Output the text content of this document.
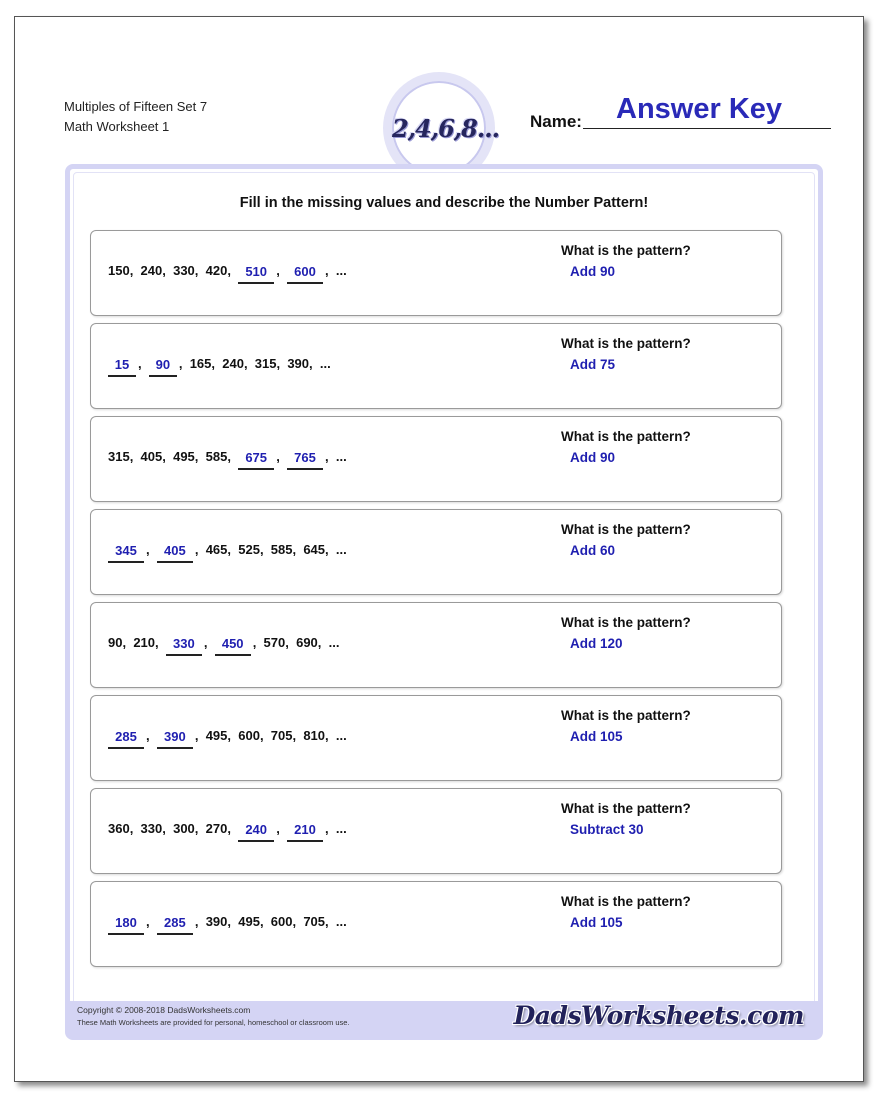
Multiples of Fifteen Set 7
Math Worksheet 1	2,4,6,8... Name: Answer Key
Fill in the missing values and describe the Number Pattern!
150 , 240 , 330 , 420 , 510 , 600 , ...
What is the pattern?
Add 90
15 , 90 , 165 , 240 , 315 , 390 , ...
What is the pattern?
Add 75
315 , 405 , 495 , 585 , 675 , 765 , ...
What is the pattern?
Add 90
345 , 405 , 465 , 525 , 585 , 645 , ...
What is the pattern?
Add 60
90 , 210 , 330 , 450 , 570 , 690 , ...
What is the pattern?
Add 120
285 , 390 , 495 , 600 , 705 , 810 , ...
What is the pattern?
Add 105
360 , 330 , 300 , 270 , 240 , 210 , ...
What is the pattern?
Subtract 30
180 , 285 , 390 , 495 , 600 , 705 , ...
What is the pattern?
Add 105
Copyright © 2008-2018 DadsWorksheets.com
These Math Worksheets are provided for personal, homeschool or classroom use.	DadsWorksheets.com
